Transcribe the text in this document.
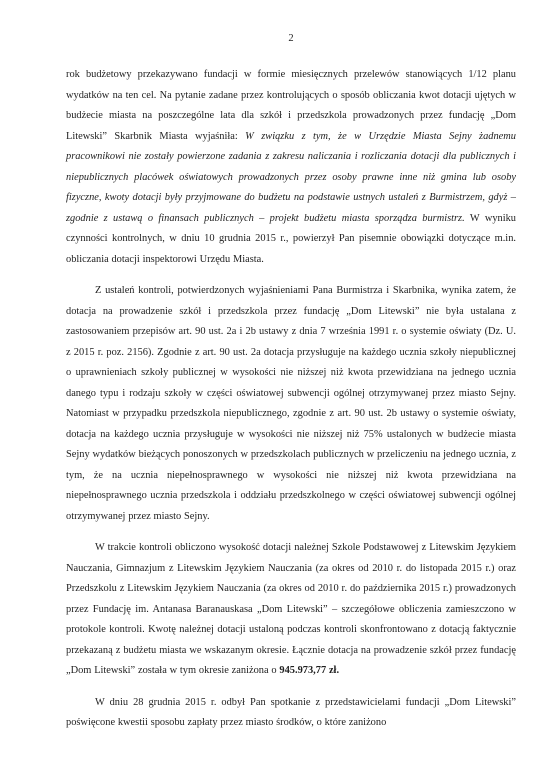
2

rok budżetowy przekazywano fundacji w formie miesięcznych przelewów stanowiących 1/12 planu wydatków na ten cel. Na pytanie zadane przez kontrolujących o sposób obliczania kwot dotacji ujętych w budżecie miasta na poszczególne lata dla szkół i przedszkola prowadzonych przez fundację „Dom Litewski” Skarbnik Miasta wyjaśniła: W związku z tym, że w Urzędzie Miasta Sejny żadnemu pracownikowi nie zostały powierzone zadania z zakresu naliczania i rozliczania dotacji dla publicznych i niepublicznych placówek oświatowych prowadzonych przez osoby prawne inne niż gmina lub osoby fizyczne, kwoty dotacji były przyjmowane do budżetu na podstawie ustnych ustaleń z Burmistrzem, gdyż – zgodnie z ustawą o finansach publicznych – projekt budżetu miasta sporządza burmistrz. W wyniku czynności kontrolnych, w dniu 10 grudnia 2015 r., powierzył Pan pisemnie obowiązki dotyczące m.in. obliczania dotacji inspektorowi Urzędu Miasta.

Z ustaleń kontroli, potwierdzonych wyjaśnieniami Pana Burmistrza i Skarbnika, wynika zatem, że dotacja na prowadzenie szkół i przedszkola przez fundację „Dom Litewski” nie była ustalana z zastosowaniem przepisów art. 90 ust. 2a i 2b ustawy z dnia 7 września 1991 r. o systemie oświaty (Dz. U. z 2015 r. poz. 2156). Zgodnie z art. 90 ust. 2a dotacja przysługuje na każdego ucznia szkoły niepublicznej o uprawnieniach szkoły publicznej w wysokości nie niższej niż kwota przewidziana na jednego ucznia danego typu i rodzaju szkoły w części oświatowej subwencji ogólnej otrzymywanej przez miasto Sejny. Natomiast w przypadku przedszkola niepublicznego, zgodnie z art. 90 ust. 2b ustawy o systemie oświaty, dotacja na każdego ucznia przysługuje w wysokości nie niższej niż 75% ustalonych w budżecie miasta Sejny wydatków bieżących ponoszonych w przedszkolach publicznych w przeliczeniu na jednego ucznia, z tym, że na ucznia niepełnosprawnego w wysokości nie niższej niż kwota przewidziana na niepełnosprawnego ucznia przedszkola i oddziału przedszkolnego w części oświatowej subwencji ogólnej otrzymywanej przez miasto Sejny.

W trakcie kontroli obliczono wysokość dotacji należnej Szkole Podstawowej z Litewskim Językiem Nauczania, Gimnazjum z Litewskim Językiem Nauczania (za okres od 2010 r. do listopada 2015 r.) oraz Przedszkolu z Litewskim Językiem Nauczania (za okres od 2010 r. do października 2015 r.) prowadzonych przez Fundację im. Antanasa Baranauskasa „Dom Litewski” – szczegółowe obliczenia zamieszczono w protokole kontroli. Kwotę należnej dotacji ustaloną podczas kontroli skonfrontowano z dotacją faktycznie przekazaną z budżetu miasta we wskazanym okresie. Łącznie dotacja na prowadzenie szkół przez fundację „Dom Litewski” została w tym okresie zaniżona o 945.973,77 zł.

W dniu 28 grudnia 2015 r. odbył Pan spotkanie z przedstawicielami fundacji „Dom Litewski” poświęcone kwestii sposobu zapłaty przez miasto środków, o które zaniżono
